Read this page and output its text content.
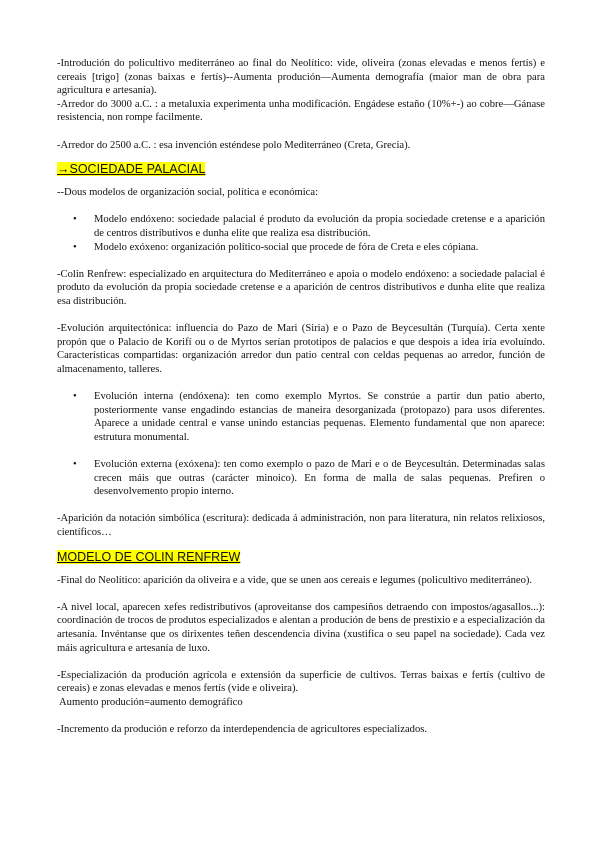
-Introdución do policultivo mediterráneo ao final do Neolítico: vide, oliveira (zonas elevadas e menos fertís) e cereais [trigo] (zonas baixas e fertís)--Aumenta produción—Aumenta demografía (maior man de obra para agricultura e artesanía).

-Arredor do 3000 a.C. : a metaluxia experimenta unha modificación. Engádese estaño (10%+-) ao cobre—Gánase resistencia, non rompe facilmente.

-Arredor do 2500 a.C. : esa invención esténdese polo Mediterráneo (Creta, Grecia).

→SOCIEDADE PALACIAL

--Dous modelos de organización social, política e económica:

• Modelo endóxeno: sociedade palacial é produto da evolución da propia sociedade cretense e a aparición de centros distributivos e dunha elite que realiza esa distribución.
• Modelo exóxeno: organización político-social que procede de fóra de Creta e eles cópiana.

-Colin Renfrew: especializado en arquitectura do Mediterráneo e apoia o modelo endóxeno: a sociedade palacial é produto da evolución da propia sociedade cretense e a aparición de centros distributivos e dunha elite que realiza esa distribución.

-Evolución arquitectónica: influencia do Pazo de Mari (Siria) e o Pazo de Beycesultán (Turquía). Certa xente propón que o Palacio de Korifí ou o de Myrtos serían prototipos de palacios e que despois a idea iría evoluíndo. Características compartidas: organización arredor dun patio central con celdas pequenas ao arredor, función de almacenamento, talleres.

• Evolución interna (endóxena): ten como exemplo Myrtos. Se constrúe a partir dun patio aberto, posteriormente vanse engadindo estancias de maneira desorganizada (protopazo) para usos diferentes. Aparece a unidade central e vanse unindo estancias pequenas. Elemento fundamental que non aparece: estrutura monumental.
• Evolución externa (exóxena): ten como exemplo o pazo de Mari e o de Beycesultán. Determinadas salas crecen máis que outras (carácter minoico). En forma de malla de salas pequenas. Prefiren o desenvolvemento propio interno.

-Aparición da notación simbólica (escritura): dedicada á administración, non para literatura, nin relatos relixiosos, científicos…

MODELO DE COLIN RENFREW

-Final do Neolítico: aparición da oliveira e a vide, que se unen aos cereais e legumes (policultivo mediterráneo).

-A nivel local, aparecen xefes redistributivos (aproveitanse dos campesiños detraendo con impostos/agasallos...): coordinación de trocos de produtos especializados e alentan a produción de bens de prestixio e a especialización da artesanía. Invéntanse que os dirixentes teñen descendencia divina (xustifica o seu papel na sociedade). Cada vez máis agricultura e artesanía de luxo.

-Especialización da produción agrícola e extensión da superficie de cultivos. Terras baixas e fertís (cultivo de cereais) e zonas elevadas e menos fertís (vide e oliveira).

Aumento produción=aumento demográfico

-Incremento da produción e reforzo da interdependencia de agricultores especializados.
